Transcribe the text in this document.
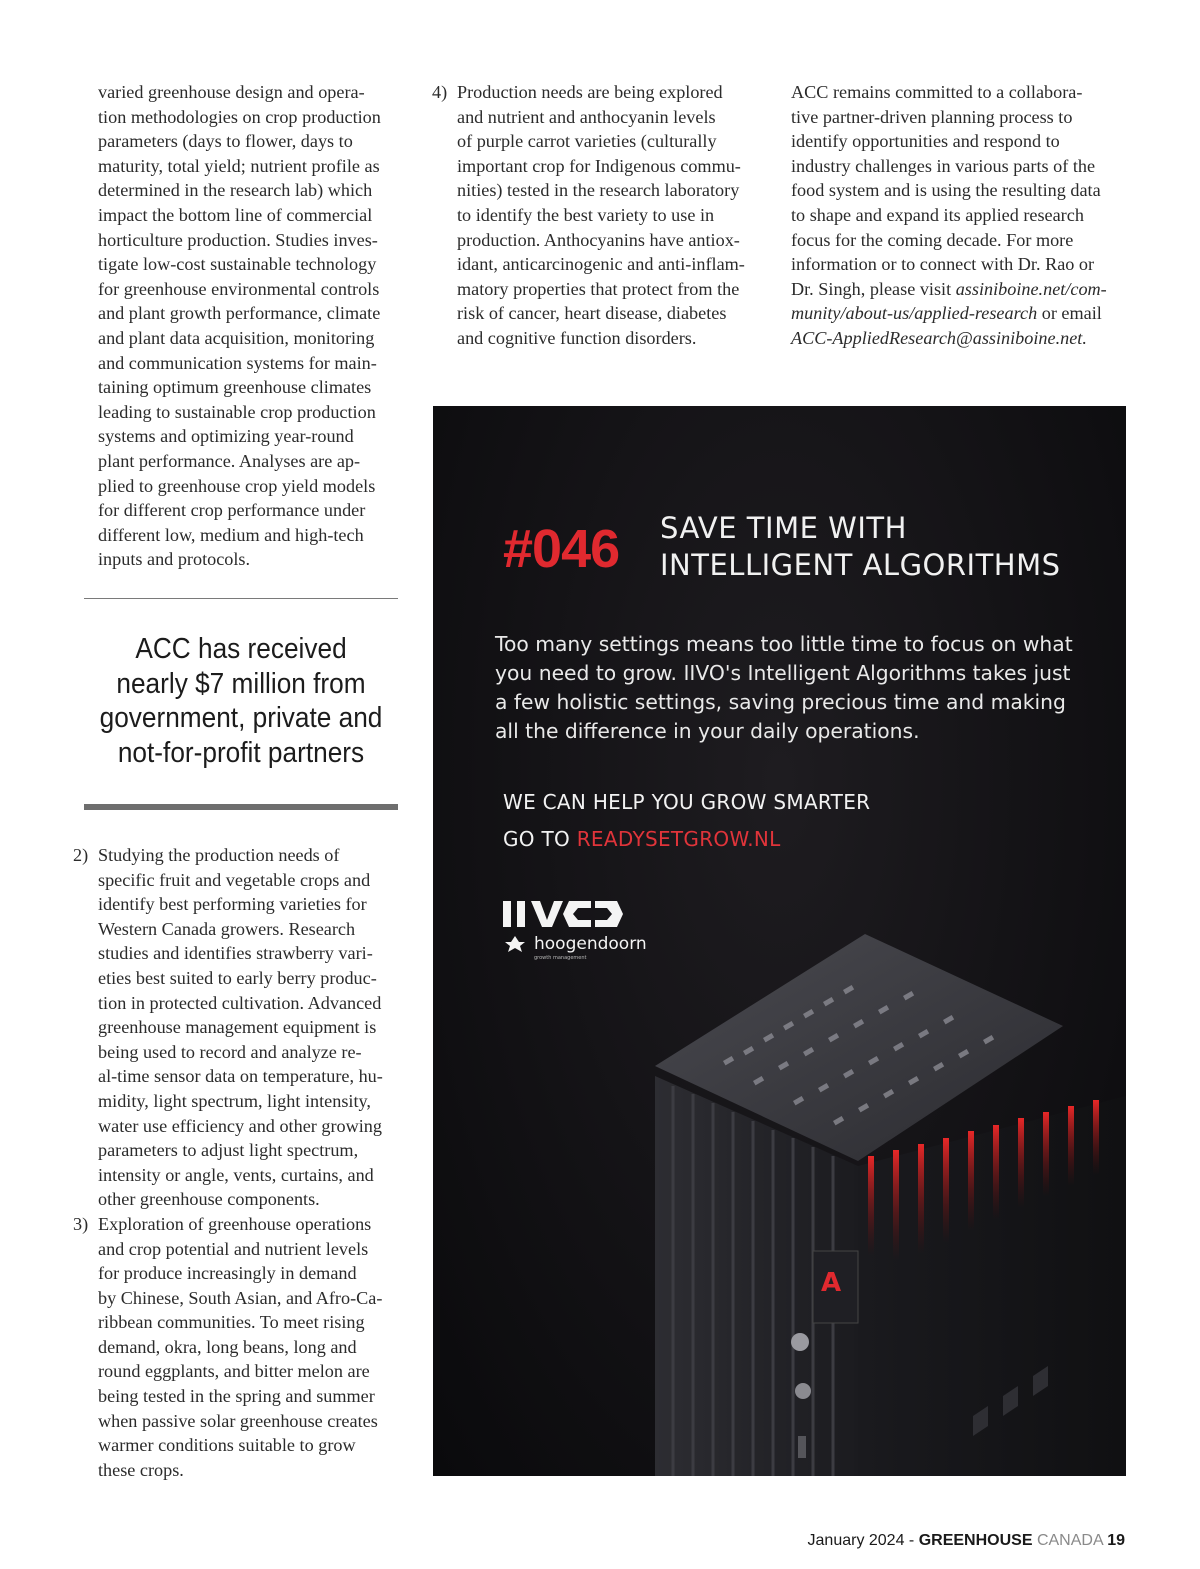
varied greenhouse design and opera-
tion methodologies on crop production
parameters (days to flower, days to
maturity, total yield; nutrient profile as
determined in the research lab) which
impact the bottom line of commercial
horticulture production. Studies inves-
tigate low-cost sustainable technology
for greenhouse environmental controls
and plant growth performance, climate
and plant data acquisition, monitoring
and communication systems for main-
taining optimum greenhouse climates
leading to sustainable crop production
systems and optimizing year-round
plant performance. Analyses are ap-
plied to greenhouse crop yield models
for different crop performance under
different low, medium and high-tech
inputs and protocols.
ACC has received
nearly $7 million from
government, private and
not-for-profit partners
2) Studying the production needs of
specific fruit and vegetable crops and
identify best performing varieties for
Western Canada growers. Research
studies and identifies strawberry vari-
eties best suited to early berry produc-
tion in protected cultivation. Advanced
greenhouse management equipment is
being used to record and analyze re-
al-time sensor data on temperature, hu-
midity, light spectrum, light intensity,
water use efficiency and other growing
parameters to adjust light spectrum,
intensity or angle, vents, curtains, and
other greenhouse components.
3) Exploration of greenhouse operations
and crop potential and nutrient levels
for produce increasingly in demand
by Chinese, South Asian, and Afro-Ca-
ribbean communities. To meet rising
demand, okra, long beans, long and
round eggplants, and bitter melon are
being tested in the spring and summer
when passive solar greenhouse creates
warmer conditions suitable to grow
these crops.
4) Production needs are being explored
and nutrient and anthocyanin levels
of purple carrot varieties (culturally
important crop for Indigenous commu-
nities) tested in the research laboratory
to identify the best variety to use in
production. Anthocyanins have antiox-
idant, anticarcinogenic and anti-inflam-
matory properties that protect from the
risk of cancer, heart disease, diabetes
and cognitive function disorders.
ACC remains committed to a collabora-
tive partner-driven planning process to
identify opportunities and respond to
industry challenges in various parts of the
food system and is using the resulting data
to shape and expand its applied research
focus for the coming decade. For more
information or to connect with Dr. Rao or
Dr. Singh, please visit assiniboine.net/com-
munity/about-us/applied-research or email
ACC-AppliedResearch@assiniboine.net.
#046 SAVE TIME WITH
INTELLIGENT ALGORITHMS
Too many settings means too little time to focus on what
you need to grow. IIVO's Intelligent Algorithms takes just
a few holistic settings, saving precious time and making
all the difference in your daily operations.
WE CAN HELP YOU GROW SMARTER
GO TO READYSETGROW.NL
hoogendoorn
growth management
A
January 2024 - GREENHOUSE CANADA 19
